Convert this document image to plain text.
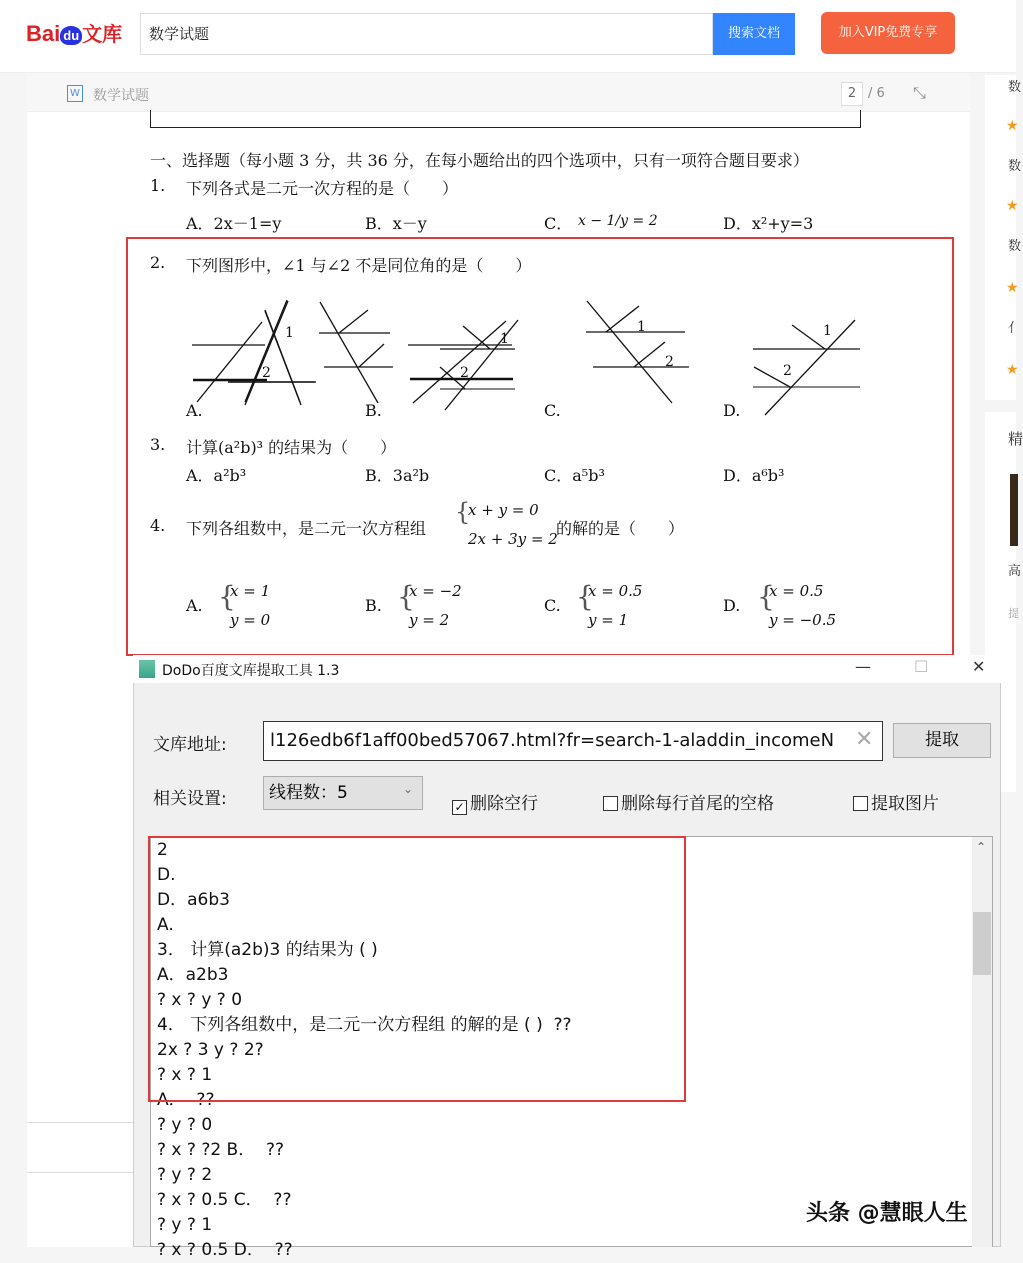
Bai du 文库	数学试题	搜索文档	加入VIP免费专享
W 数学试题	2 / 6 ⤡
一、选择题（每小题 3 分，共 36 分，在每小题给出的四个选项中，只有一项符合题目要求）
1. 下列各式是二元一次方程的是（　　）
A．2x－1=y	B．x－y	C． x − 1/y = 2	D．x²+y=3
2. 下列图形中，∠1 与∠2 不是同位角的是（　　）
1
2
1
2
1
2
1
2
A.	B.	C.	D.
3. 计算(a²b)³ 的结果为（　　）
A．a²b³	B．3a²b	C．a⁵b³	D．a⁶b³
4. 下列各组数中，是二元一次方程组
{
x + y = 0
2x + 3y = 2
的解的是（　　）
A. {
x = 1
y = 0
B. {
x = −2
y = 2
C. {
x = 0.5
y = 1
D. {
x = 0.5
y = −0.5
数
★
数
★
数
★
亻
★
精
高
提
DoDo百度文库提取工具 1.3	—	☐	✕
文库地址:	l126edb6f1aff00bed57067.html?fr=search-1-aladdin_incomeN ✕	提取
相关设置:	线程数：5	⌄
✓ 删除空行	删除每行首尾的空格	提取图片
2
D.
D．a6b3
A.
3． 计算(a2b)3 的结果为 ( )
A．a2b3
? x ? y ? 0
4． 下列各组数中，是二元一次方程组 的解的是 ( )  ??
2x ? 3 y ? 2?
? x ? 1
A．  ??
? y ? 0
? x ? ?2 B．  ??
? y ? 2
? x ? 0.5 C．  ??
? y ? 1
? x ? 0.5 D．  ??
⌃
头条 @慧眼人生
